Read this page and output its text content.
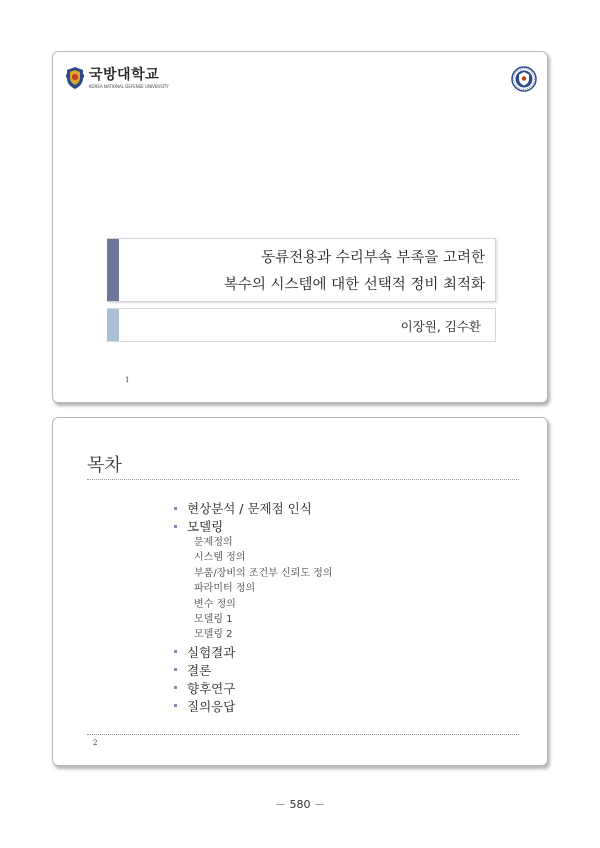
국방대학교
KOREA NATIONAL DEFENSE UNIVERSITY
동류전용과 수리부속 부족을 고려한
복수의 시스템에 대한 선택적 정비 최적화
이장원, 김수환
1
목차
현상분석 / 문제점 인식
모델링
문제정의
시스템 정의
부품/장비의 조건부 신뢰도 정의
파라미터 정의
변수 정의
모델링 1
모델링 2
실험결과
결론
향후연구
질의응답
2
－ 580 －
